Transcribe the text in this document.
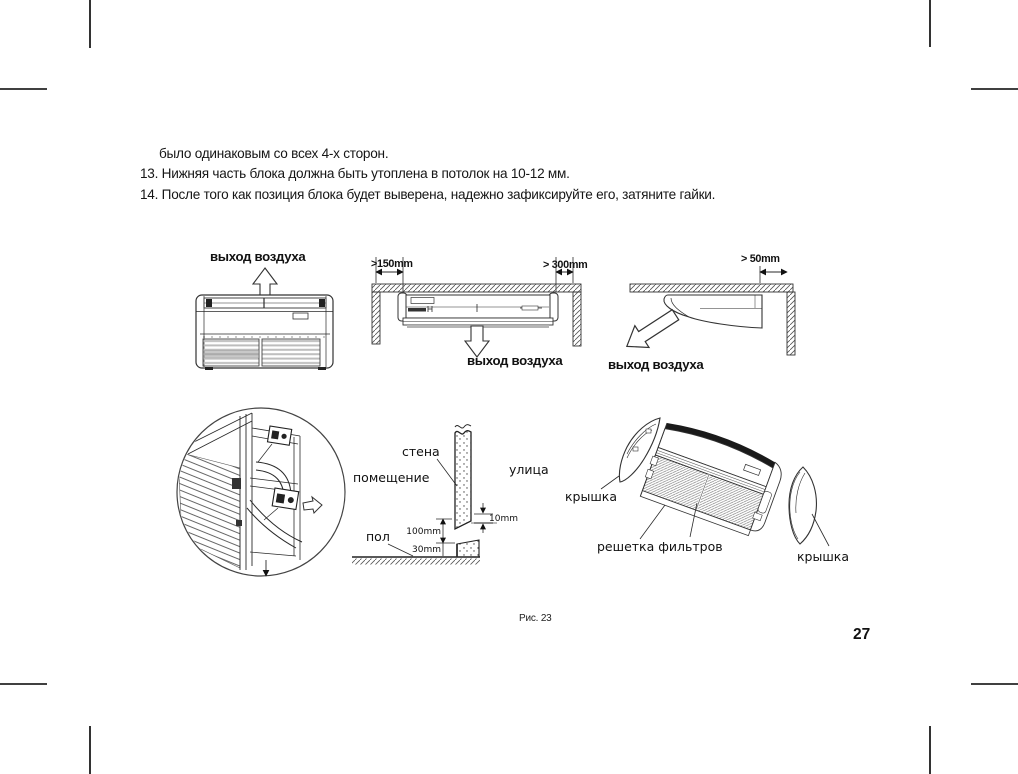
выход воздуха	>150mm	> 300mm
выход воздуха
> 50mm
выход воздуха
стена
помещение
улица
пол
10mm
100mm
30mm
крышка
решетка фильтров
крышка
было одинаковым со всех 4-х сторон.
13. Нижняя часть блока должна быть утоплена в потолок на 10-12 мм.
14. После того как позиция блока будет выверена, надежно зафиксируйте его, затяните гайки.
Рис. 23
27
